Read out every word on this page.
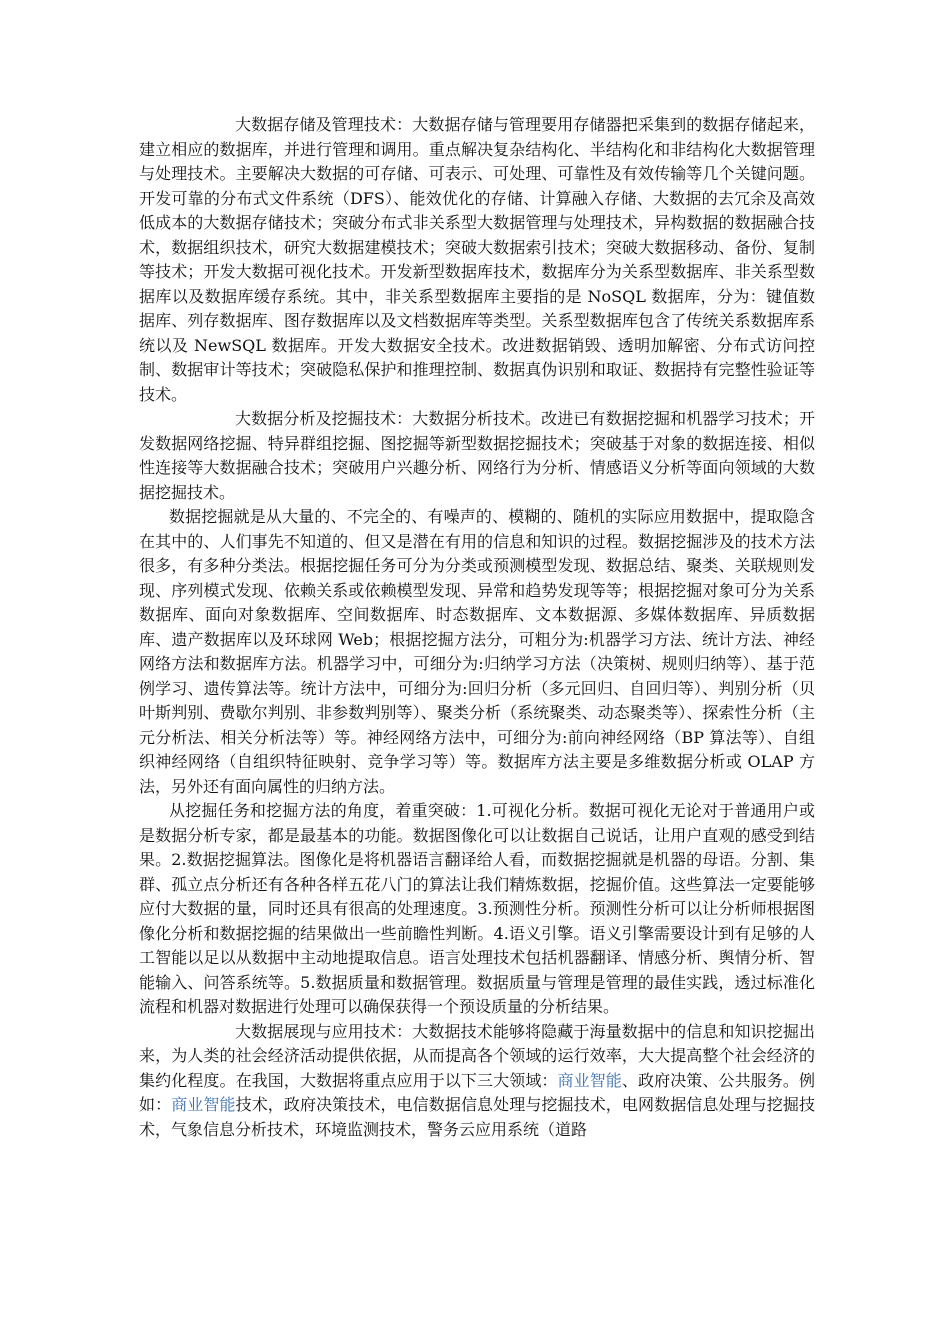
大数据存储及管理技术：大数据存储与管理要用存储器把采集到的数据存储起来，建立相应的数据库，并进行管理和调用。重点解决复杂结构化、半结构化和非结构化大数据管理与处理技术。主要解决大数据的可存储、可表示、可处理、可靠性及有效传输等几个关键问题。开发可靠的分布式文件系统（DFS）、能效优化的存储、计算融入存储、大数据的去冗余及高效低成本的大数据存储技术；突破分布式非关系型大数据管理与处理技术，异构数据的数据融合技术，数据组织技术，研究大数据建模技术；突破大数据索引技术；突破大数据移动、备份、复制等技术；开发大数据可视化技术。开发新型数据库技术，数据库分为关系型数据库、非关系型数据库以及数据库缓存系统。其中，非关系型数据库主要指的是 NoSQL 数据库，分为：键值数据库、列存数据库、图存数据库以及文档数据库等类型。关系型数据库包含了传统关系数据库系统以及 NewSQL 数据库。开发大数据安全技术。改进数据销毁、透明加解密、分布式访问控制、数据审计等技术；突破隐私保护和推理控制、数据真伪识别和取证、数据持有完整性验证等技术。

大数据分析及挖掘技术：大数据分析技术。改进已有数据挖掘和机器学习技术；开发数据网络挖掘、特异群组挖掘、图挖掘等新型数据挖掘技术；突破基于对象的数据连接、相似性连接等大数据融合技术；突破用户兴趣分析、网络行为分析、情感语义分析等面向领域的大数据挖掘技术。

数据挖掘就是从大量的、不完全的、有噪声的、模糊的、随机的实际应用数据中，提取隐含在其中的、人们事先不知道的、但又是潜在有用的信息和知识的过程。数据挖掘涉及的技术方法很多，有多种分类法。根据挖掘任务可分为分类或预测模型发现、数据总结、聚类、关联规则发现、序列模式发现、依赖关系或依赖模型发现、异常和趋势发现等等；根据挖掘对象可分为关系数据库、面向对象数据库、空间数据库、时态数据库、文本数据源、多媒体数据库、异质数据库、遗产数据库以及环球网 Web；根据挖掘方法分，可粗分为:机器学习方法、统计方法、神经网络方法和数据库方法。机器学习中，可细分为:归纳学习方法（决策树、规则归纳等）、基于范例学习、遗传算法等。统计方法中，可细分为:回归分析（多元回归、自回归等）、判别分析（贝叶斯判别、费歇尔判别、非参数判别等）、聚类分析（系统聚类、动态聚类等）、探索性分析（主元分析法、相关分析法等）等。神经网络方法中，可细分为:前向神经网络（BP 算法等）、自组织神经网络（自组织特征映射、竞争学习等）等。数据库方法主要是多维数据分析或 OLAP 方法，另外还有面向属性的归纳方法。

从挖掘任务和挖掘方法的角度，着重突破：1.可视化分析。数据可视化无论对于普通用户或是数据分析专家，都是最基本的功能。数据图像化可以让数据自己说话，让用户直观的感受到结果。2.数据挖掘算法。图像化是将机器语言翻译给人看，而数据挖掘就是机器的母语。分割、集群、孤立点分析还有各种各样五花八门的算法让我们精炼数据，挖掘价值。这些算法一定要能够应付大数据的量，同时还具有很高的处理速度。3.预测性分析。预测性分析可以让分析师根据图像化分析和数据挖掘的结果做出一些前瞻性判断。4.语义引擎。语义引擎需要设计到有足够的人工智能以足以从数据中主动地提取信息。语言处理技术包括机器翻译、情感分析、舆情分析、智能输入、问答系统等。5.数据质量和数据管理。数据质量与管理是管理的最佳实践，透过标准化流程和机器对数据进行处理可以确保获得一个预设质量的分析结果。

大数据展现与应用技术：大数据技术能够将隐藏于海量数据中的信息和知识挖掘出来，为人类的社会经济活动提供依据，从而提高各个领域的运行效率，大大提高整个社会经济的集约化程度。在我国，大数据将重点应用于以下三大领域：商业智能、政府决策、公共服务。例如：商业智能技术，政府决策技术，电信数据信息处理与挖掘技术，电网数据信息处理与挖掘技术，气象信息分析技术，环境监测技术，警务云应用系统（道路
